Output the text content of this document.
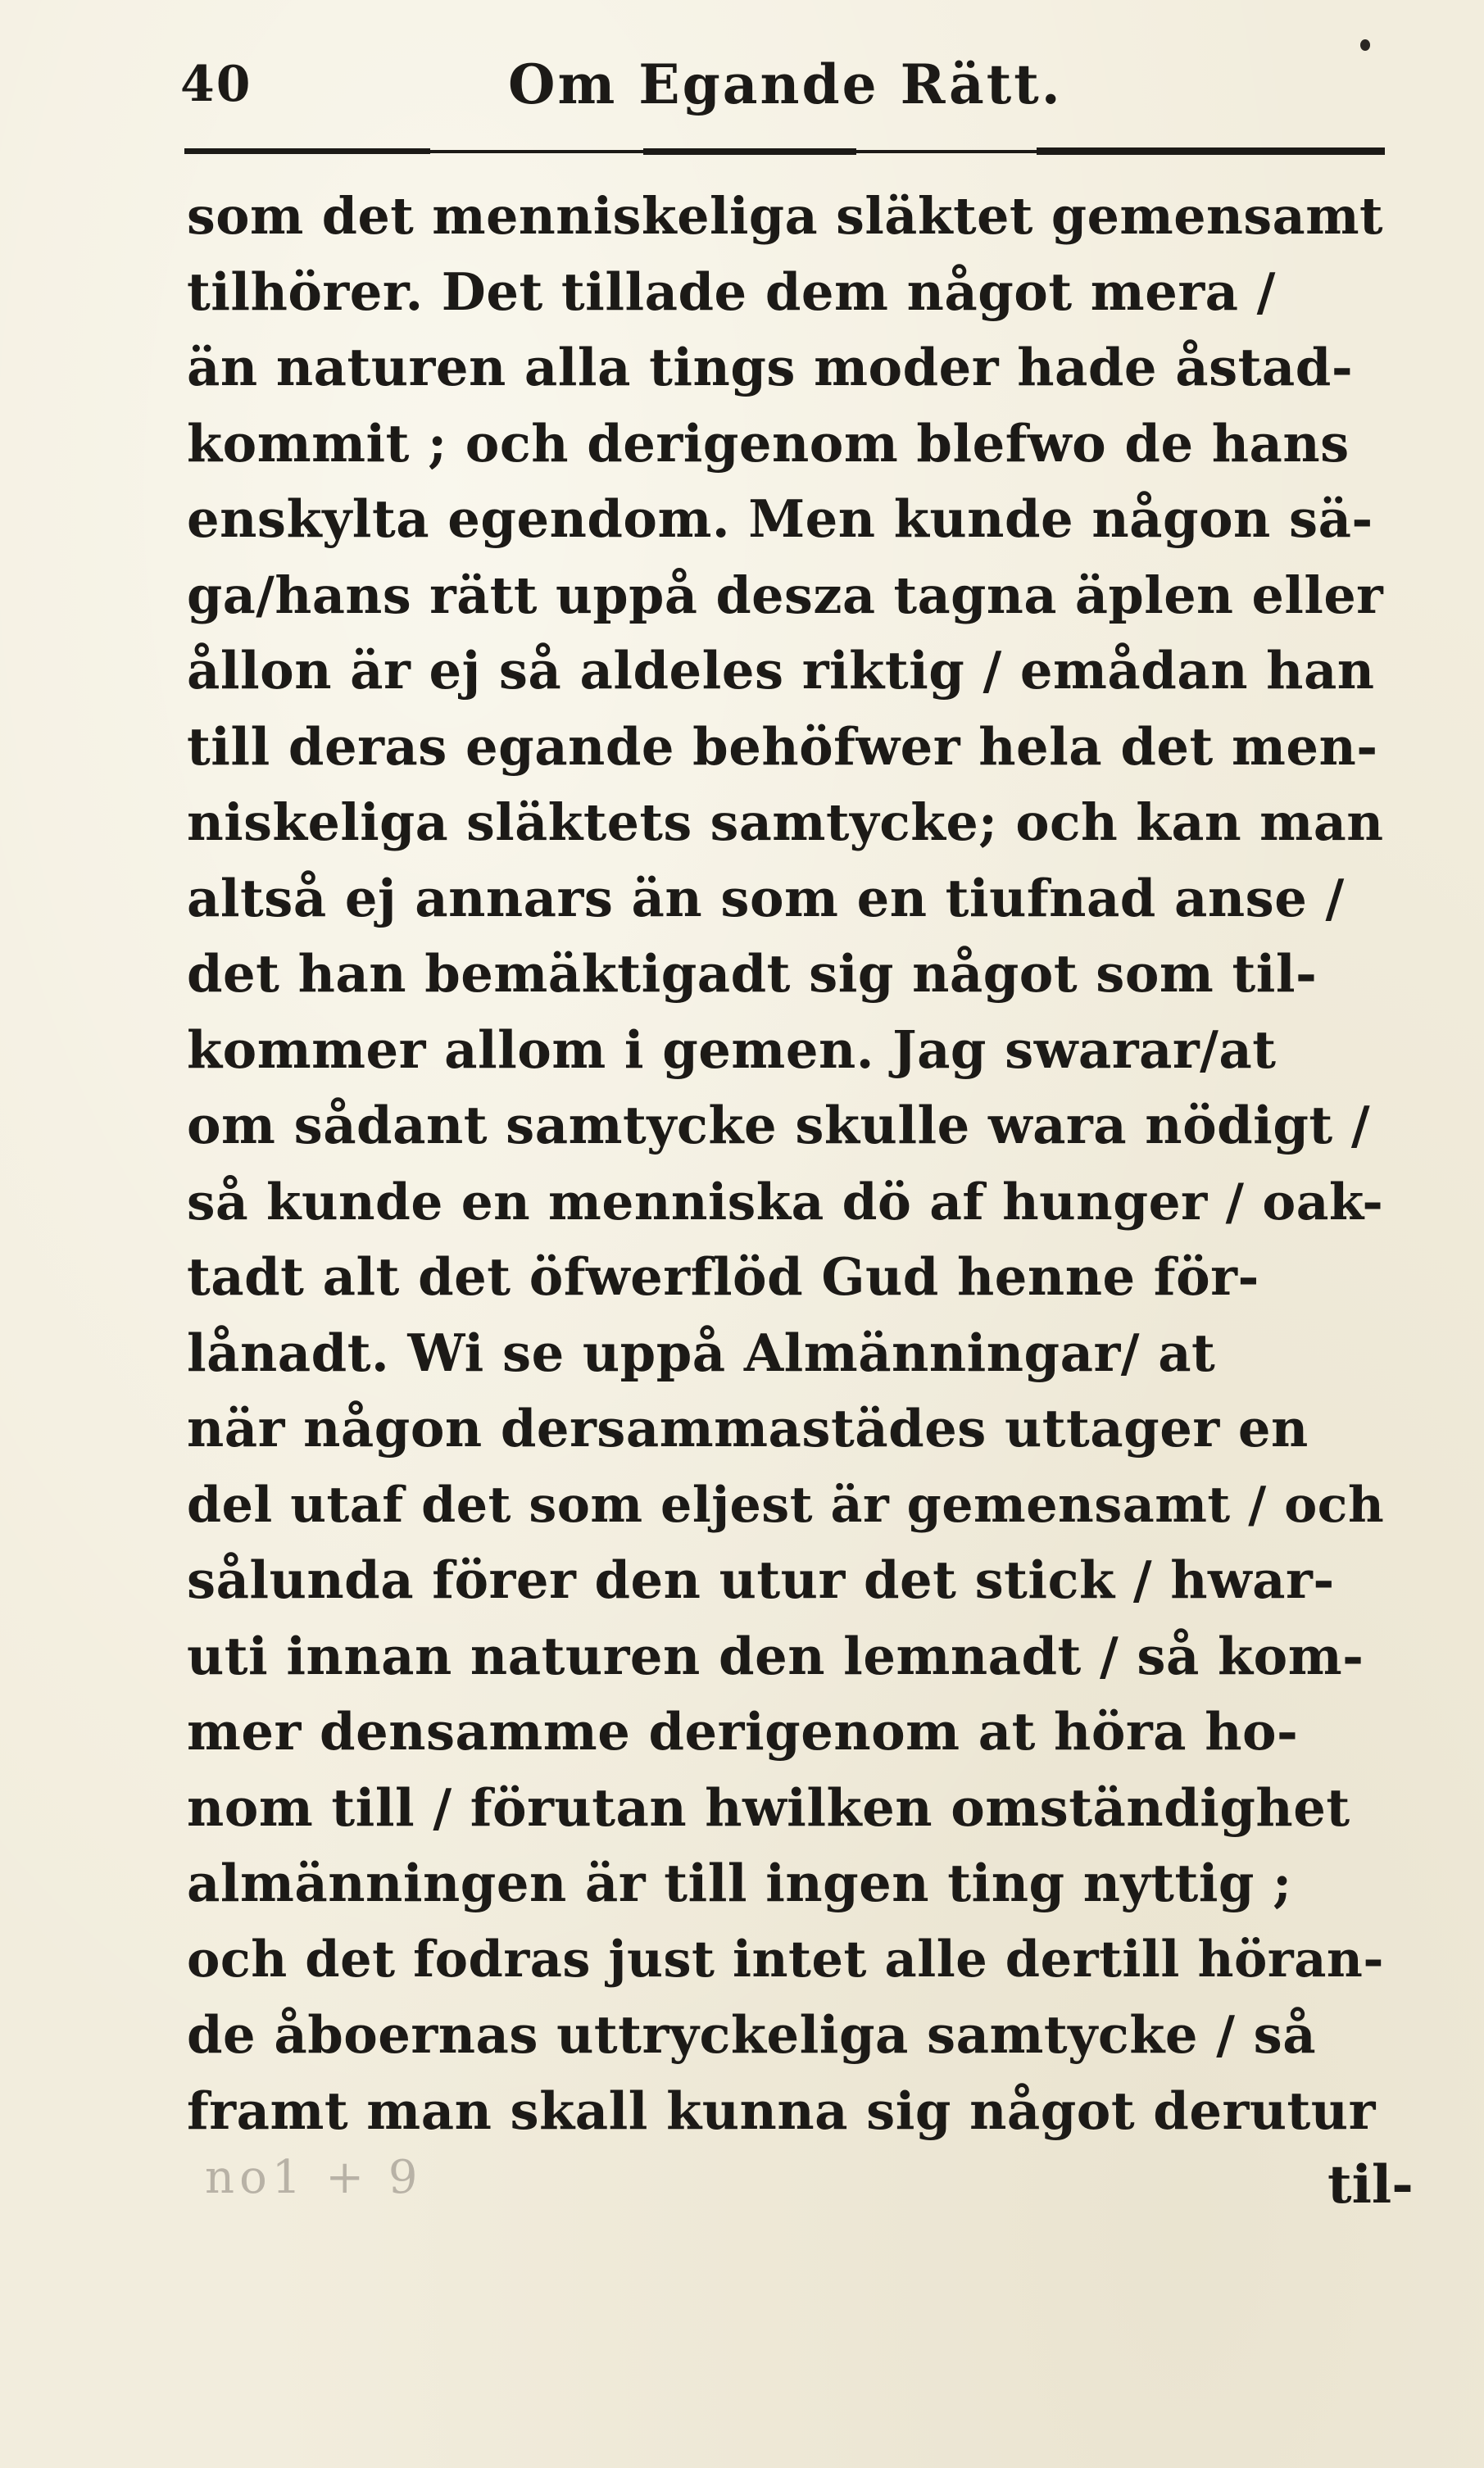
40	Om Egande Rätt.
som det menniskeliga släktet gemensamt
tilhörer. Det tillade dem något mera /
än naturen alla tings moder hade åstad-
kommit ; och derigenom blefwo de hans
enskylta egendom. Men kunde någon sä-
ga/hans rätt uppå desza tagna äplen eller
ållon är ej så aldeles riktig / emådan han
till deras egande behöfwer hela det men-
niskeliga släktets samtycke; och kan man
altså ej annars än som en tiufnad anse /
det han bemäktigadt sig något som til-
kommer allom i gemen. Jag swarar/at
om sådant samtycke skulle wara nödigt /
så kunde en menniska dö af hunger / oak-
tadt alt det öfwerflöd Gud henne för-
lånadt. Wi se uppå Almänningar/ at
när någon dersammastädes uttager en
del utaf det som eljest är gemensamt / och
sålunda förer den utur det stick / hwar-
uti innan naturen den lemnadt / så kom-
mer densamme derigenom at höra ho-
nom till / förutan hwilken omständighet
almänningen är till ingen ting nyttig ;
och det fodras just intet alle dertill höran-
de åboernas uttryckeliga samtycke / så
framt man skall kunna sig något derutur
no1 + 9	til-
